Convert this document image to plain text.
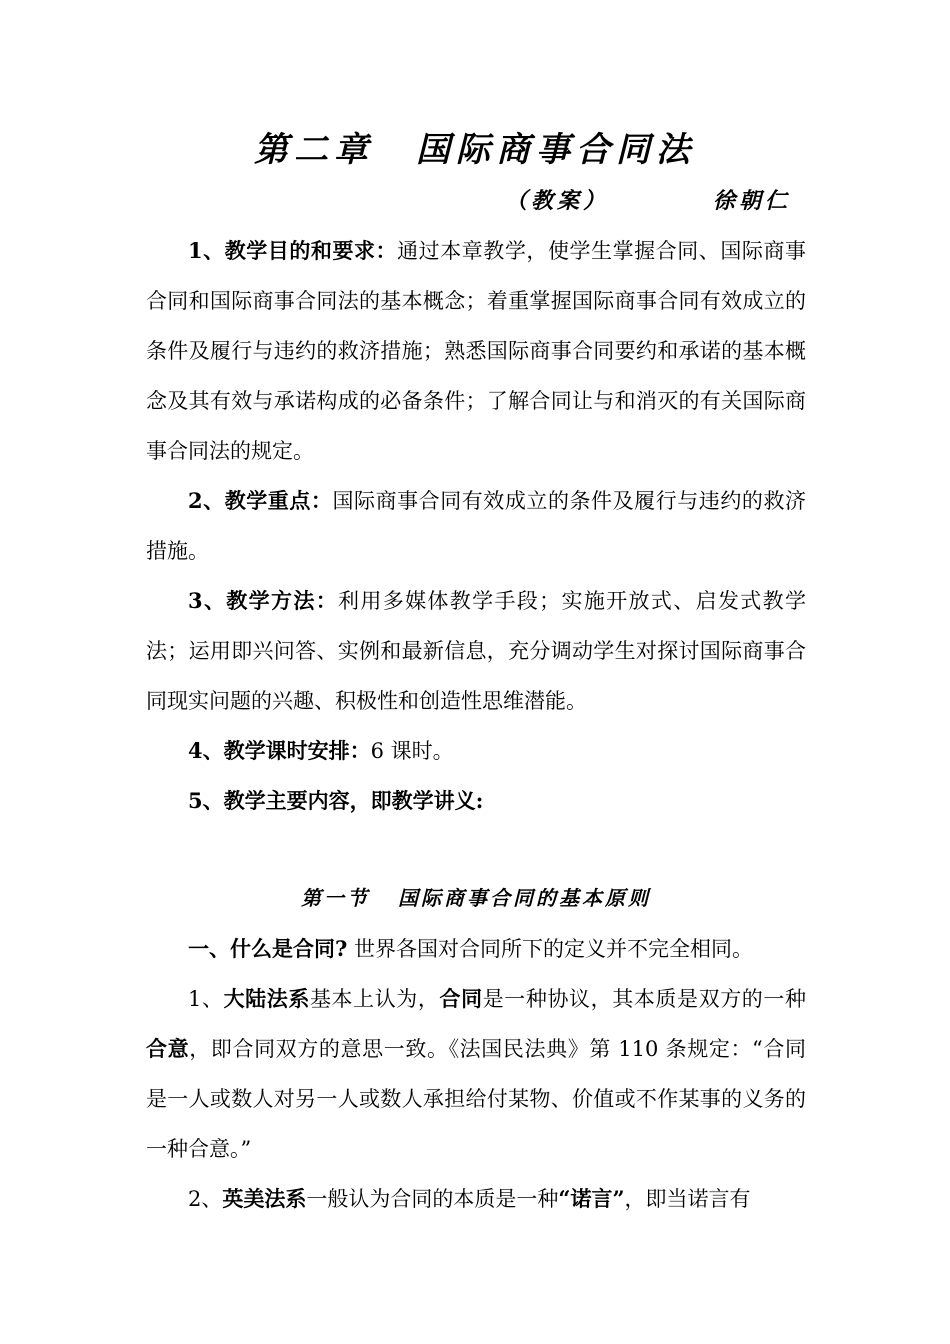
第二章 国际商事合同法
（教案）	徐朝仁

1、教学目的和要求：通过本章教学，使学生掌握合同、国际商事合同和国际商事合同法的基本概念；着重掌握国际商事合同有效成立的条件及履行与违约的救济措施；熟悉国际商事合同要约和承诺的基本概念及其有效与承诺构成的必备条件；了解合同让与和消灭的有关国际商事合同法的规定。

2、教学重点：国际商事合同有效成立的条件及履行与违约的救济措施。

3、教学方法：利用多媒体教学手段；实施开放式、启发式教学法；运用即兴问答、实例和最新信息，充分调动学生对探讨国际商事合同现实问题的兴趣、积极性和创造性思维潜能。

4、教学课时安排：6 课时。

5、教学主要内容，即教学讲义:

第一节 国际商事合同的基本原则

一、什么是合同? 世界各国对合同所下的定义并不完全相同。

1、大陆法系基本上认为，合同是一种协议，其本质是双方的一种合意，即合同双方的意思一致。《法国民法典》第 110 条规定：“合同是一人或数人对另一人或数人承担给付某物、价值或不作某事的义务的一种合意。”

2、英美法系一般认为合同的本质是一种“诺言”，即当诺言有
